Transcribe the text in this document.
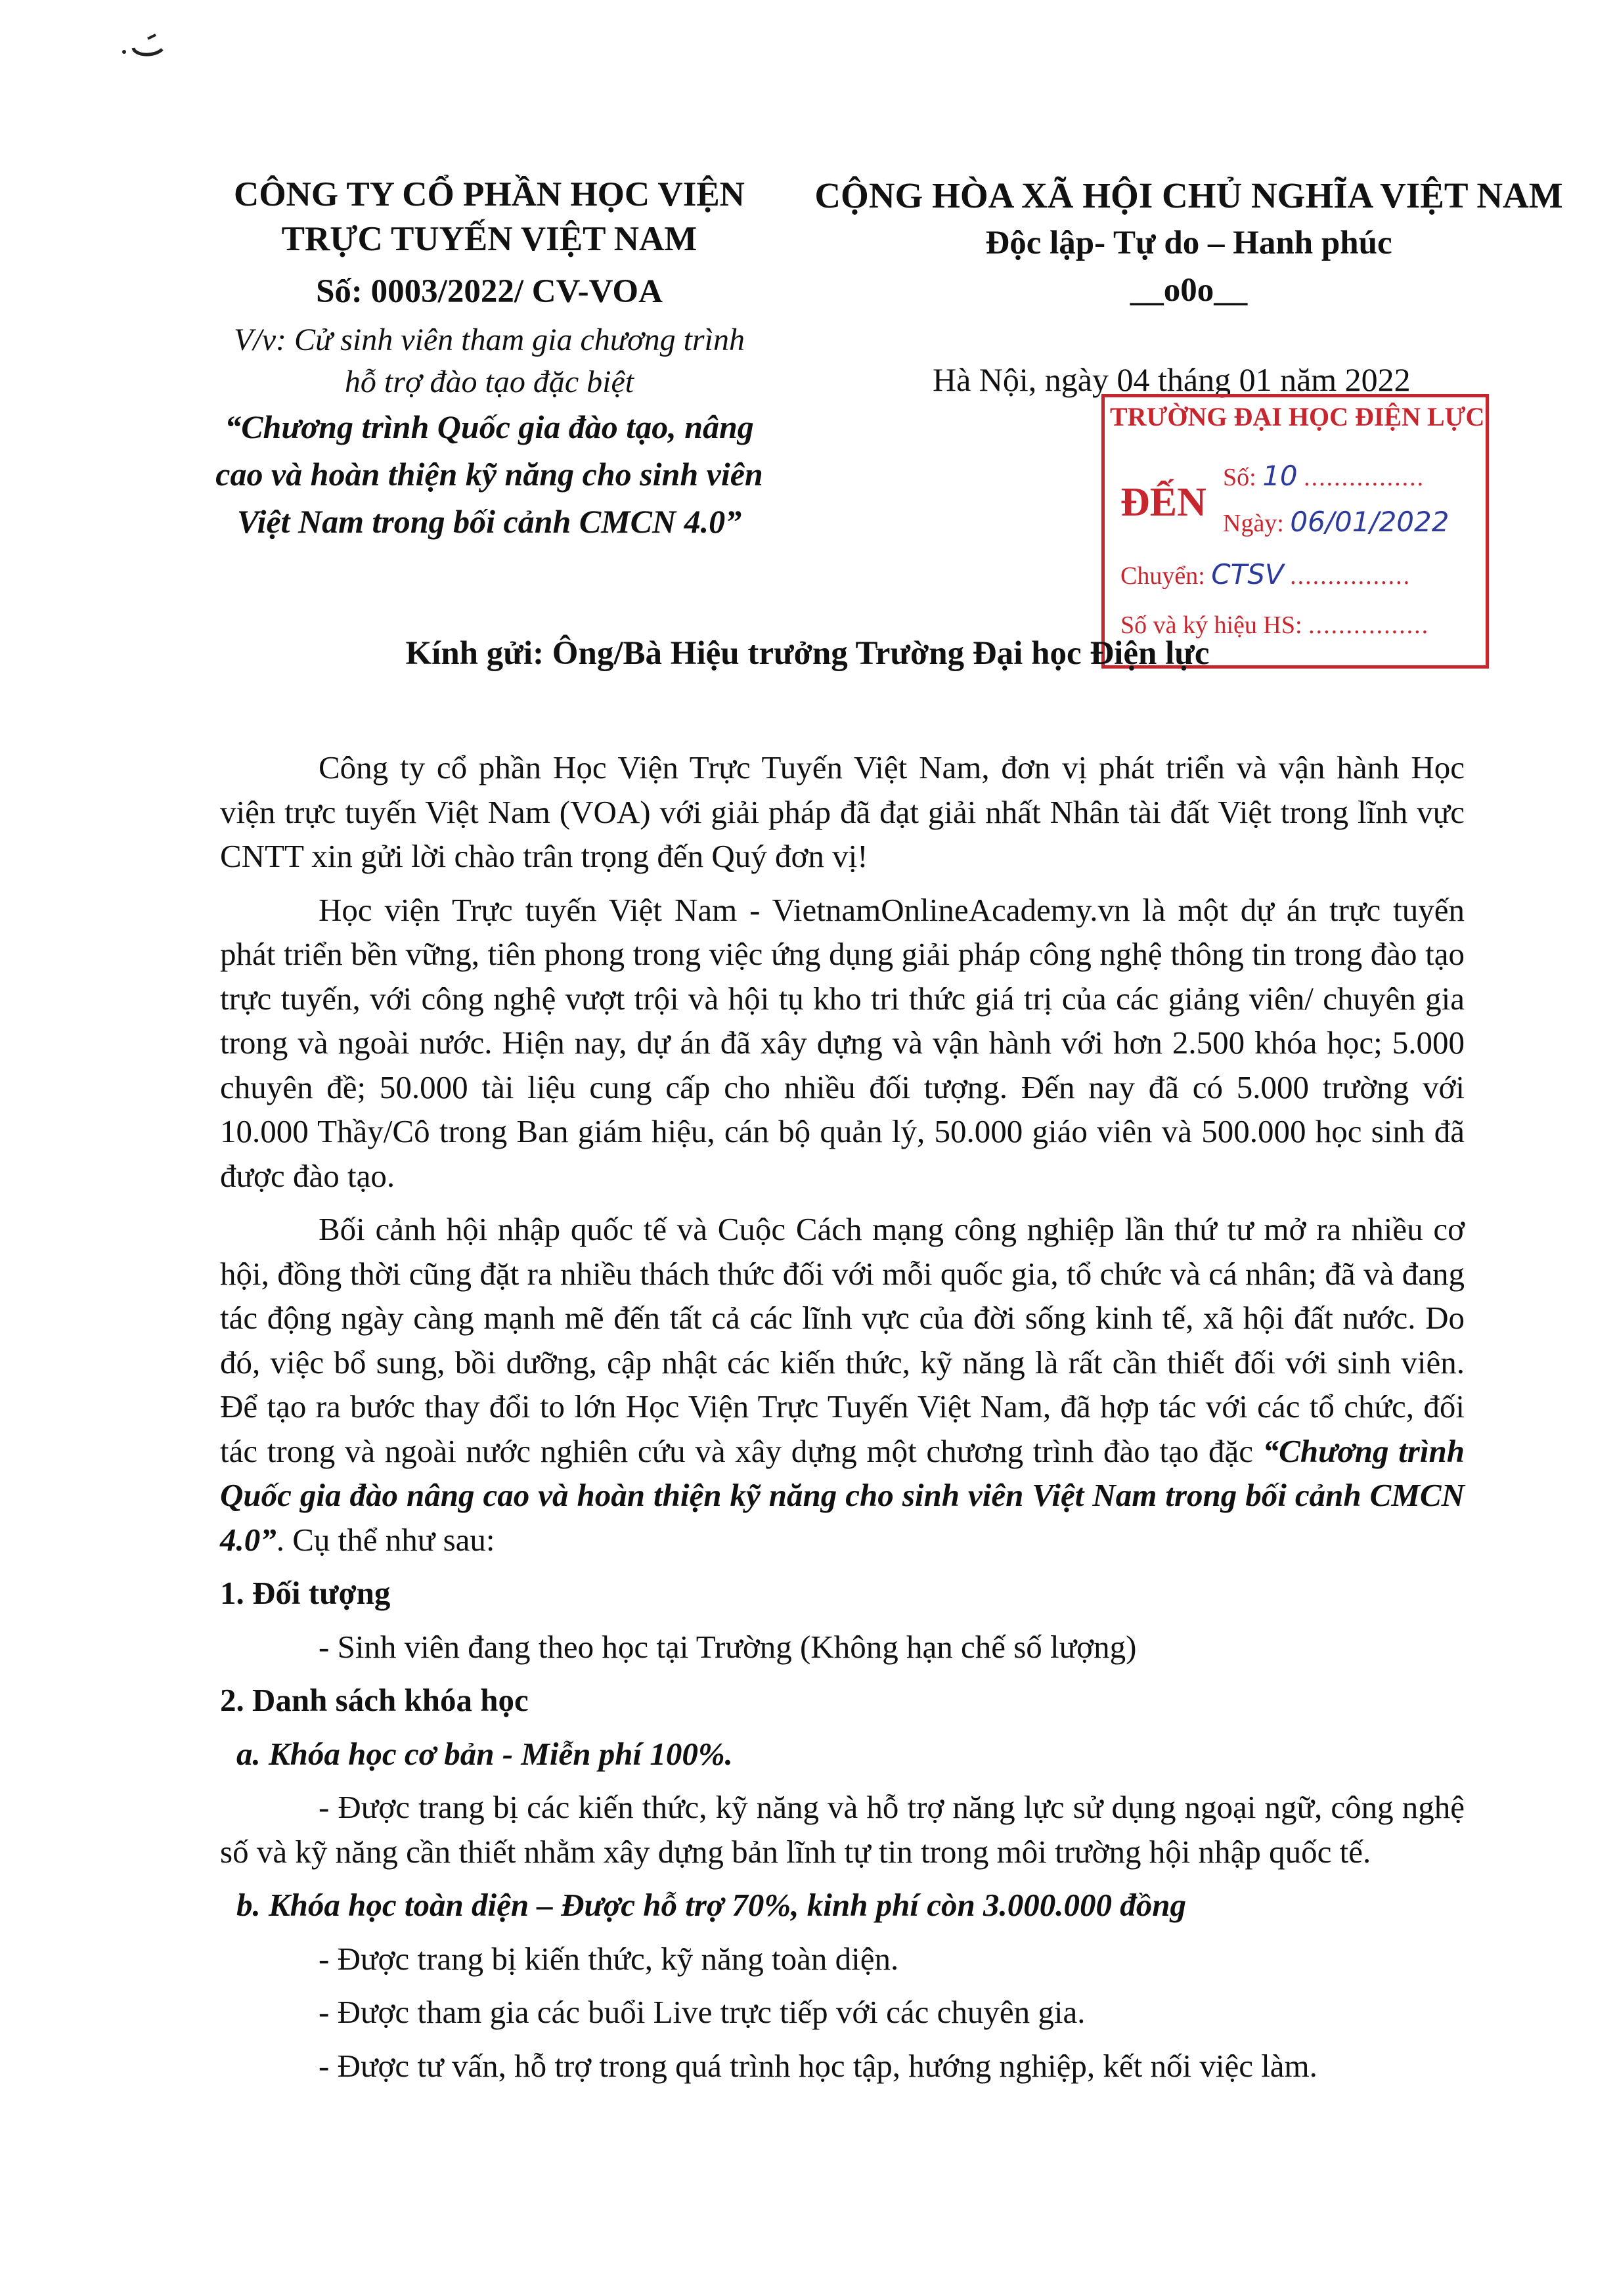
CÔNG TY CỔ PHẦN HỌC VIỆN

TRỰC TUYẾN VIỆT NAM

Số: 0003/2022/ CV-VOA

V/v: Cử sinh viên tham gia chương trình

hỗ trợ đào tạo đặc biệt

“Chương trình Quốc gia đào tạo, nâng

cao và hoàn thiện kỹ năng cho sinh viên

Việt Nam trong bối cảnh CMCN 4.0”

CỘNG HÒA XÃ HỘI CHỦ NGHĨA VIỆT NAM

Độc lập- Tự do – Hanh phúc

__o0o__

Hà Nội, ngày 04 tháng 01 năm 2022

TRƯỜNG ĐẠI HỌC ĐIỆN LỰC
ĐẾN
Số: 10 ................
Ngày: 06/01/2022
Chuyển: CTSV ................
Số và ký hiệu HS: ................
Kính gửi: Ông/Bà Hiệu trưởng Trường Đại học Điện lực

Công ty cổ phần Học Viện Trực Tuyến Việt Nam, đơn vị phát triển và vận hành Học viện trực tuyến Việt Nam (VOA) với giải pháp đã đạt giải nhất Nhân tài đất Việt trong lĩnh vực CNTT xin gửi lời chào trân trọng đến Quý đơn vị!

Học viện Trực tuyến Việt Nam - VietnamOnlineAcademy.vn là một dự án trực tuyến phát triển bền vững, tiên phong trong việc ứng dụng giải pháp công nghệ thông tin trong đào tạo trực tuyến, với công nghệ vượt trội và hội tụ kho tri thức giá trị của các giảng viên/ chuyên gia trong và ngoài nước. Hiện nay, dự án đã xây dựng và vận hành với hơn 2.500 khóa học; 5.000 chuyên đề; 50.000 tài liệu cung cấp cho nhiều đối tượng. Đến nay đã có 5.000 trường với 10.000 Thầy/Cô trong Ban giám hiệu, cán bộ quản lý, 50.000 giáo viên và 500.000 học sinh đã được đào tạo.

Bối cảnh hội nhập quốc tế và Cuộc Cách mạng công nghiệp lần thứ tư mở ra nhiều cơ hội, đồng thời cũng đặt ra nhiều thách thức đối với mỗi quốc gia, tổ chức và cá nhân; đã và đang tác động ngày càng mạnh mẽ đến tất cả các lĩnh vực của đời sống kinh tế, xã hội đất nước. Do đó, việc bổ sung, bồi dưỡng, cập nhật các kiến thức, kỹ năng là rất cần thiết đối với sinh viên. Để tạo ra bước thay đổi to lớn Học Viện Trực Tuyến Việt Nam, đã hợp tác với các tổ chức, đối tác trong và ngoài nước nghiên cứu và xây dựng một chương trình đào tạo đặc “Chương trình Quốc gia đào nâng cao và hoàn thiện kỹ năng cho sinh viên Việt Nam trong bối cảnh CMCN 4.0”. Cụ thể như sau:

1. Đối tượng

- Sinh viên đang theo học tại Trường (Không hạn chế số lượng)

2. Danh sách khóa học

a. Khóa học cơ bản - Miễn phí 100%.

- Được trang bị các kiến thức, kỹ năng và hỗ trợ năng lực sử dụng ngoại ngữ, công nghệ số và kỹ năng cần thiết nhằm xây dựng bản lĩnh tự tin trong môi trường hội nhập quốc tế.

b. Khóa học toàn diện – Được hỗ trợ 70%, kinh phí còn 3.000.000 đồng

- Được trang bị kiến thức, kỹ năng toàn diện.

- Được tham gia các buổi Live trực tiếp với các chuyên gia.

- Được tư vấn, hỗ trợ trong quá trình học tập, hướng nghiệp, kết nối việc làm.
